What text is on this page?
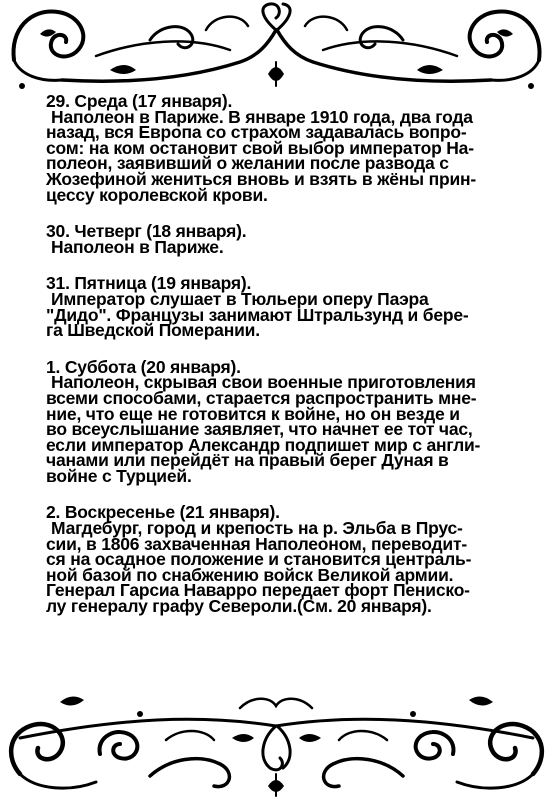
29. Среда (17 января).

Наполеон в Париже. В январе 1910 года, два года

назад, вся Европа со страхом задавалась вопро-

сом: на ком остановит свой выбор император На-

полеон, заявивший о желании после развода с

Жозефиной жениться вновь и взять в жёны прин-

цессу королевской крови.

30. Четверг (18 января).

Наполеон в Париже.

31. Пятница (19 января).

Император слушает в Тюльери оперу Паэра

"Дидо". Французы занимают Штральзунд и бере-

га Шведской Померании.

1. Суббота (20 января).

Наполеон, скрывая свои военные приготовления

всеми способами, старается распространить мне-

ние, что еще не готовится к войне, но он везде и

во всеуслышание заявляет, что начнет ее тот час,

если император Александр подпишет мир с англи-

чанами или перейдёт на правый берег Дуная в

войне с Турцией.

2. Воскресенье (21 января).

Магдебург, город и крепость на р. Эльба в Прус-

сии, в 1806 захваченная Наполеоном, переводит-

ся на осадное положение и становится централь-

ной базой по снабжению войск Великой армии.

Генерал Гарсиа Наварро передает форт Пениско-

лу генералу графу Североли.(См. 20 января).
